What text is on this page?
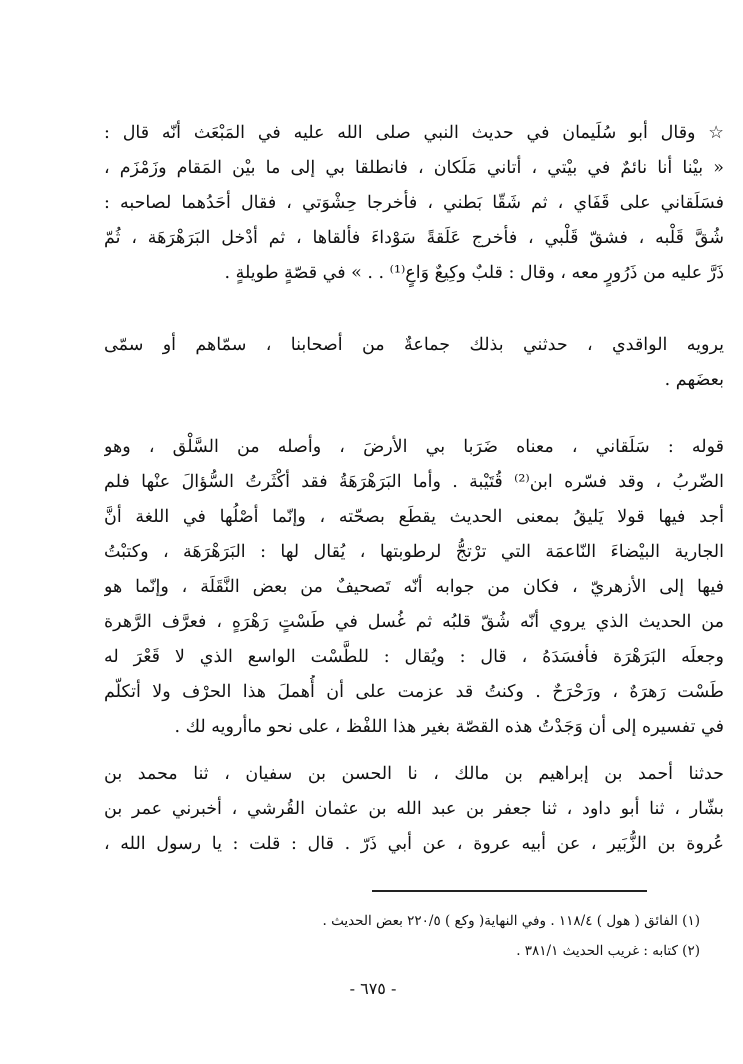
☆ وقال أبو سُلَيمان في حديث النبي صلى الله عليه في المَبْعَث أنّه قال :
« بيْنا أنا نائمٌ في بيْتي ، أتاني مَلَكان ، فانطلقا بي إلى ما بيْن المَقام وزَمْزَم ،
فسَلَقاني على قَفَاي ، ثم شَقّا بَطني ، فأخرجا حِشْوَتي ، فقال أحَدُهما لصاحبه :
شُقَّ قَلْبه ، فشقّ قَلْبي ، فأخرج عَلَقةً سَوْداءَ فألقاها ، ثم أدْخل البَرَهْرَهَة ، ثُمّ
ذَرَّ عليه من ذَرُورٍ معه ، وقال : قلبٌ وكِيعٌ وَاعٍ⁽¹⁾ . . » في قصّةٍ طويلةٍ .
يرويه الواقدي ، حدثني بذلك جماعةٌ من أصحابنا ، سمّاهم أو سمّى
بعضَهم .
قوله : سَلَقاني ، معناه ضَرَبا بي الأرضَ ، وأصله من السَّلْق ، وهو
الضّربُ ، وقد فسّره ابن⁽²⁾ قُتَيْبة . وأما البَرَهْرَهَةُ فقد أكْثَرتُ السُّؤالَ عنْها فلم
أجد فيها قولا يَليقُ بمعنى الحديث يقطَع بصحّته ، وإنّما أصْلُها في اللغة أنَّ
الجارية البيْضاءَ النّاعمَة التي ترْتجُّ لرطوبتها ، يُقال لها : البَرَهْرَهَة ، وكتبْتُ
فيها إلى الأزهريّ ، فكان من جوابه أنّه تَصحيفٌ من بعض النَّقَلَة ، وإنّما هو
من الحديث الذي يروي أنّه شُقّ قلبُه ثم غُسل في طَسْتٍ رَهْرَهٍ ، فعرَّف الرَّهرة
وجعلَه البَرَهْرَة فأفسَدَهُ ، قال : ويُقال : للطَّسْت الواسع الذي لا قَعْرَ له
طَسْت رَهرَهٌ ، ورَحْرَحٌ . وكنتُ قد عزمت على أن أُهملَ هذا الحرْف ولا أتكلّم
في تفسيره إلى أن وَجَدْتُ هذه القصّة بغير هذا اللفْظ ، على نحو ماأرويه لك .
حدثنا أحمد بن إبراهيم بن مالك ، نا الحسن بن سفيان ، ثنا محمد بن
بشّار ، ثنا أبو داود ، ثنا جعفر بن عبد الله بن عثمان القُرشي ، أخبرني عمر بن
عُروة بن الزُّبَير ، عن أبيه عروة ، عن أبي ذَرّ . قال : قلت : يا رسول الله ،
(١) الفائق ( هول ) ١١٨/٤ . وفي النهاية( وكع ) ٢٢٠/٥ بعض الحديث .
(٢) كتابه : غريب الحديث ٣٨١/١ .
- ٦٧٥ -
